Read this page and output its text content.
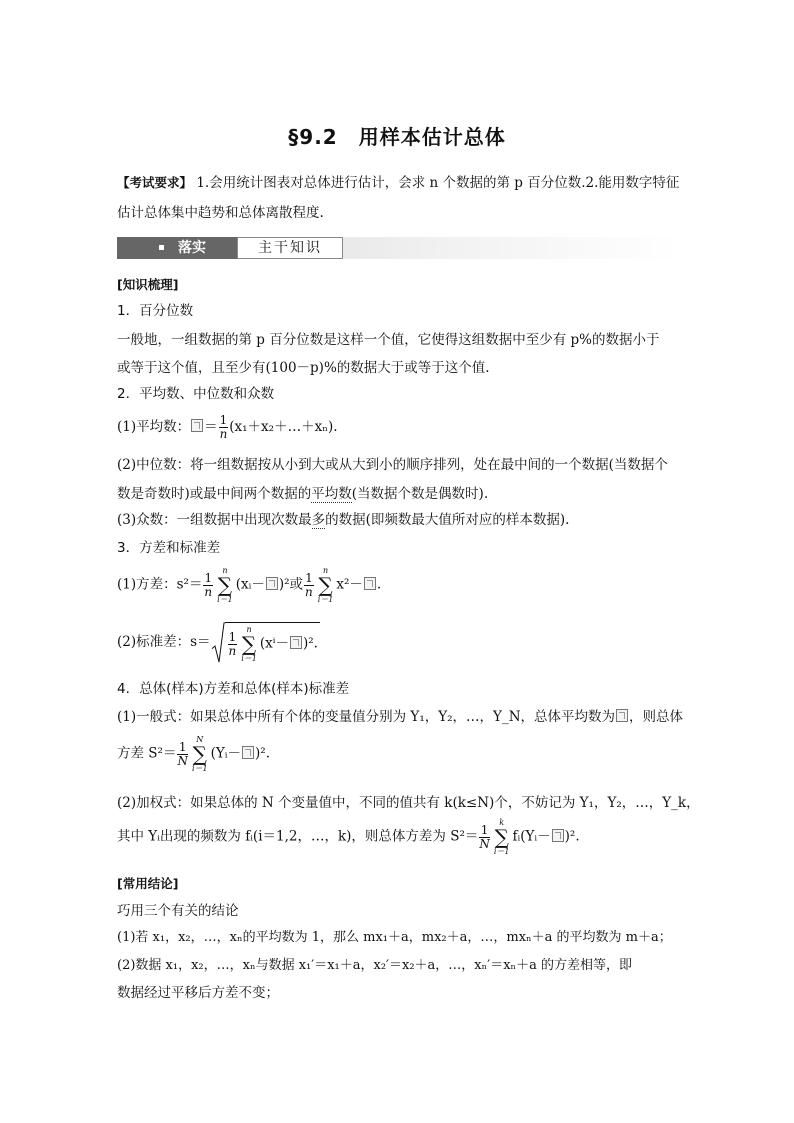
§9.2　用样本估计总体
【考试要求】 1.会用统计图表对总体进行估计，会求 n 个数据的第 p 百分位数.2.能用数字特征
估计总体集中趋势和总体离散程度.
落实	主干知识
[知识梳理]
1．百分位数
一般地，一组数据的第 p 百分位数是这样一个值，它使得这组数据中至少有 p%的数据小于
或等于这个值，且至少有(100－p)%的数据大于或等于这个值.
2．平均数、中位数和众数
(1)平均数： ＝ $\frac{1}{n}$ (x₁＋x₂＋…＋xₙ).
(2)中位数：将一组数据按从小到大或从大到小的顺序排列，处在最中间的一个数据(当数据个
数是奇数时)或最中间两个数据的平均数(当数据个数是偶数时).
(3)众数：一组数据中出现次数最多的数据(即频数最大值所对应的样本数据).
3．方差和标准差
(1)方差：$s^2= \frac{1}{n}$
n
∑
i＝1
(xᵢ－ )²或 $\frac{1}{n}$
n
∑
i＝1
x²－ .
(2)标准差：$s= \frac{1}{n}$
n
∑
i＝1
(xⁱ－ )².
4．总体(样本)方差和总体(样本)标准差
(1)一般式：如果总体中所有个体的变量值分别为 Y₁，Y₂，…，Y_N，总体平均数为 ，则总体
方差 $S^2= \frac{1}{N}$
N
∑
i＝1
(Yᵢ－ )².
(2)加权式：如果总体的 N 个变量值中，不同的值共有 k(k≤N)个，不妨记为 Y₁，Y₂，…，Y_k，
其中 Yᵢ出现的频数为 fᵢ(i＝1,2，…，k)，则总体方差为 $S^2= \frac{1}{N}$
k
∑
i＝1
fᵢ(Yᵢ－ )².
[常用结论]
巧用三个有关的结论
(1)若 x₁，x₂，…，xₙ的平均数为 1，那么 mx₁＋a，mx₂＋a，…，mxₙ＋a 的平均数为 m＋a；
(2)数据 x₁，x₂，…，xₙ与数据 x₁′＝x₁＋a，x₂′＝x₂＋a，…，xₙ′＝xₙ＋a 的方差相等，即
数据经过平移后方差不变；
